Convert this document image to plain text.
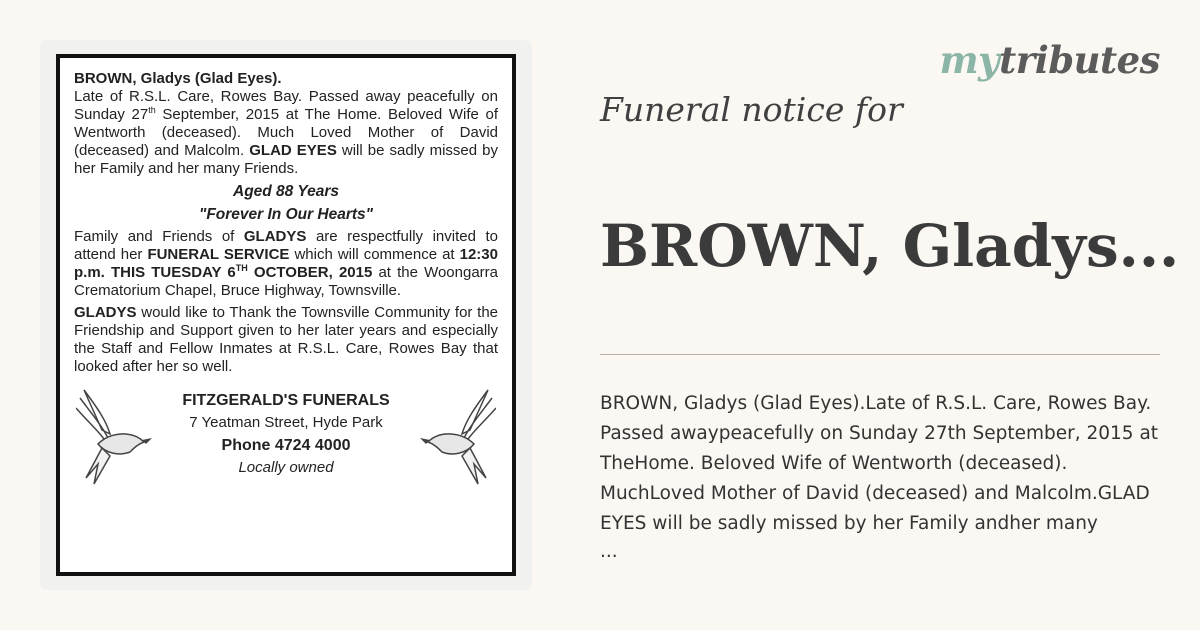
BROWN, Gladys (Glad Eyes).

Late of R.S.L. Care, Rowes Bay. Passed away peacefully on Sunday 27th September, 2015 at The Home. Beloved Wife of Wentworth (deceased). Much Loved Mother of David (deceased) and Malcolm. GLAD EYES will be sadly missed by her Family and her many Friends.

Aged 88 Years
"Forever In Our Hearts"

Family and Friends of GLADYS are respectfully invited to attend her FUNERAL SERVICE which will commence at 12:30 p.m. THIS TUESDAY 6TH OCTOBER, 2015 at the Woongarra Crematorium Chapel, Bruce Highway, Townsville.

GLADYS would like to Thank the Townsville Community for the Friendship and Support given to her later years and especially the Staff and Fellow Inmates at R.S.L. Care, Rowes Bay that looked after her so well.

FITZGERALD'S FUNERALS
7 Yeatman Street, Hyde Park
Phone 4724 4000
Locally owned
mytributes
Funeral notice for
BROWN, Gladys...
BROWN, Gladys (Glad Eyes).Late of R.S.L. Care, Rowes Bay. Passed awaypeacefully on Sunday 27th September, 2015 at TheHome. Beloved Wife of Wentworth (deceased). MuchLoved Mother of David (deceased) and Malcolm.GLAD EYES will be sadly missed by her Family andher many
...
